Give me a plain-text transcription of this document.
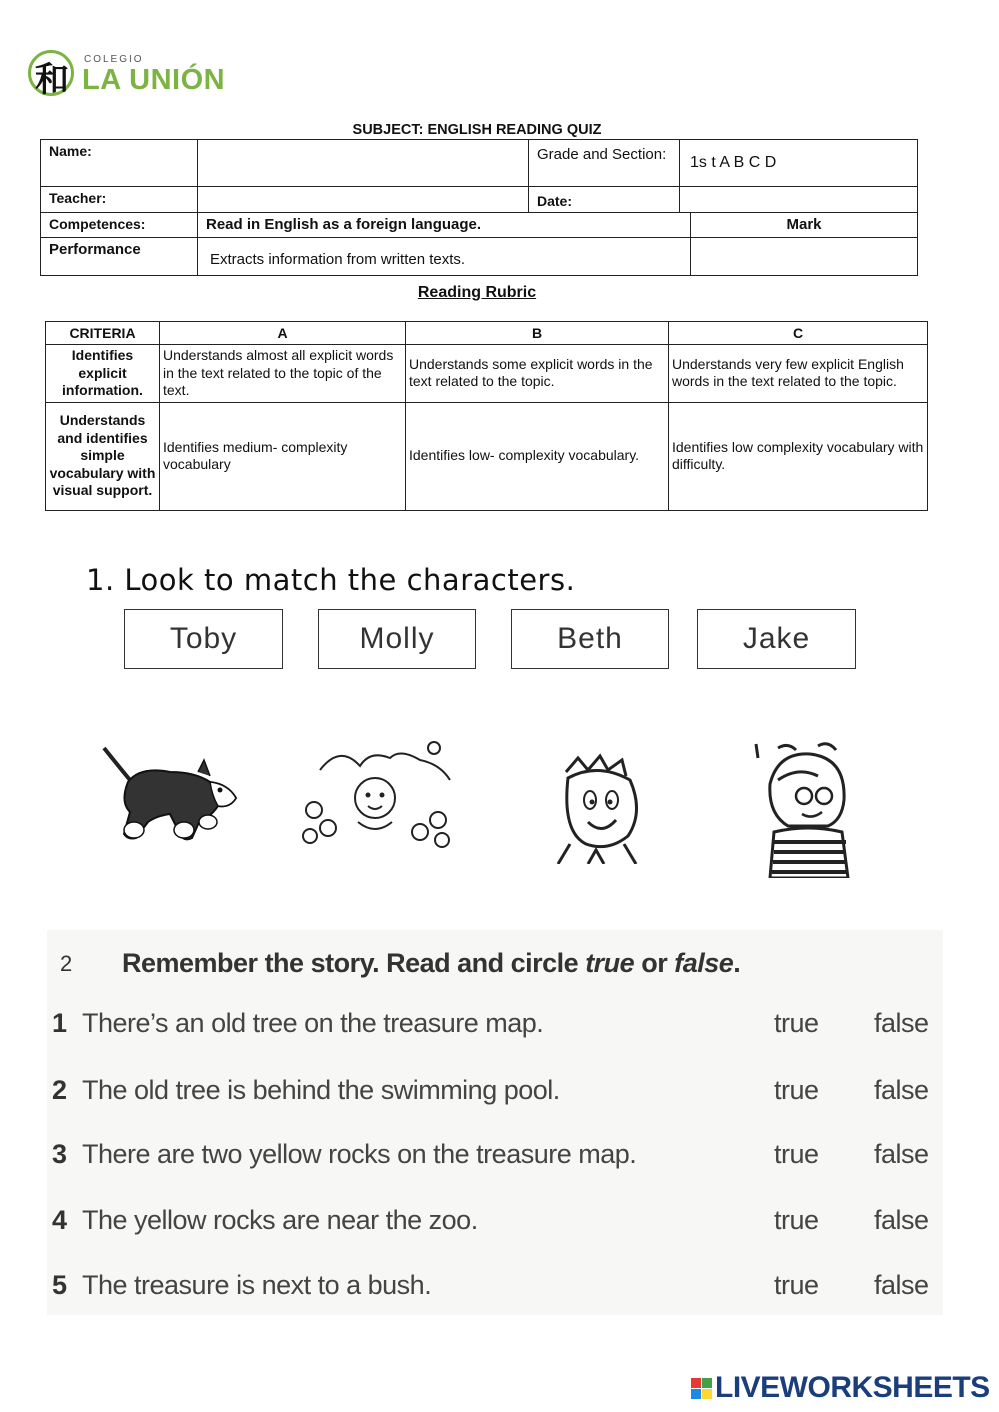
和
COLEGIO
LA UNIÓN
SUBJECT: ENGLISH READING QUIZ
Name:		Grade and Section:	1s t A B C D	
Teacher:		Date:		
Competences:	Read in English as a foreign language.			Mark
Performance	Extracts information from written texts.			
Reading Rubric
CRITERIA	A	B	C
Identifies explicit information.	Understands almost all explicit words in the text related to the topic of the text.	Understands some explicit words in the text related to the topic.	Understands very few explicit English words in the text related to the topic.
Understands and identifies simple vocabulary with visual support.	Identifies medium- complexity vocabulary	Identifies low- complexity vocabulary.	Identifies low complexity vocabulary with difficulty.
1. Look to match the characters.
Toby	Molly	Beth	Jake
2 Remember the story. Read and circle true or false.
1 There’s an old tree on the treasure map.	true false
2 The old tree is behind the swimming pool.	true false
3 There are two yellow rocks on the treasure map.	true false
4 The yellow rocks are near the zoo.	true false
5 The treasure is next to a bush.	true false
LIVEWORKSHEETS
